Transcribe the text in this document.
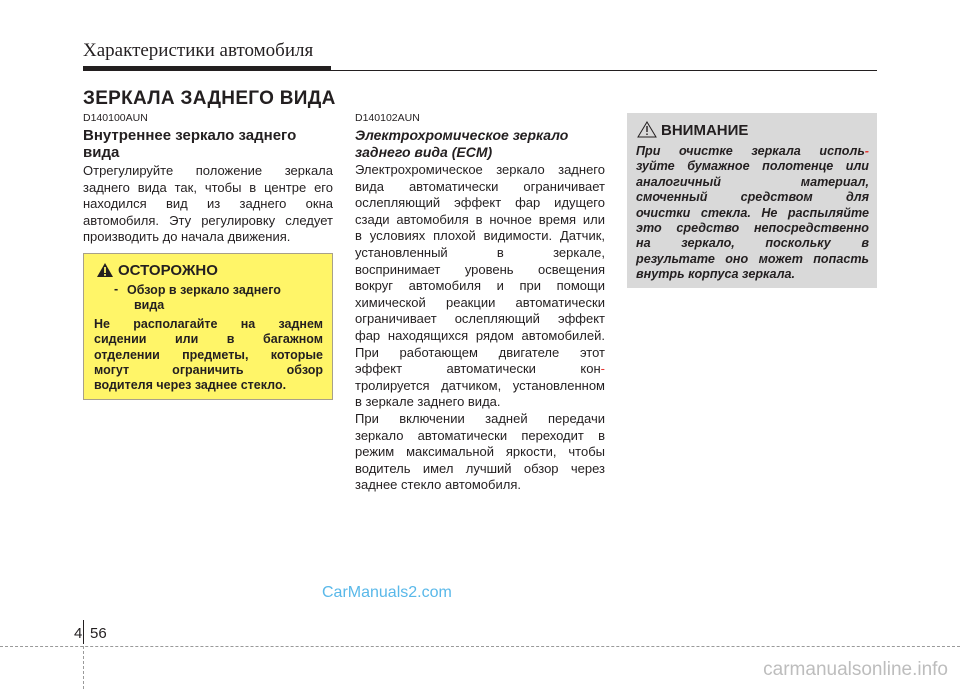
Характеристики автомобиля
ЗЕРКАЛА ЗАДНЕГО ВИДА
D140100AUN
Внутреннее зеркало заднего
вида
Отрегулируйте положение зеркала
заднего вида так, чтобы в центре его
находился вид из заднего окна
автомобиля. Эту регулировку следует
производить до начала движения.
ОСТОРОЖНО
- Обзор в зеркало заднего
вида
Не располагайте на заднем
сидении или в багажном
отделении предметы, которые
могут ограничить обзор
водителя через заднее стекло.
D140102AUN
Электрохромическое зеркало
заднего вида (ECM)
Электрохромическое зеркало заднего
вида автоматически ограничивает
ослепляющий эффект фар идущего
сзади автомобиля в ночное время или
в условиях плохой видимости. Датчик,
установленный в зеркале,
воспринимает уровень освещения
вокруг автомобиля и при помощи
химической реакции автоматически
ограничивает ослепляющий эффект
фар находящихся рядом автомобилей.
При работающем двигателе этот
эффект автоматически кон-
тролируется датчиком, установленном
в зеркале заднего вида.
При включении задней передачи
зеркало автоматически переходит в
режим максимальной яркости, чтобы
водитель имел лучший обзор через
заднее стекло автомобиля.
ВНИМАНИЕ
При очистке зеркала исполь-
зуйте бумажное полотенце или
аналогичный материал,
смоченный средством для
очистки стекла. Не распыляйте
это средство непосредственно
на зеркало, поскольку в
результате оно может попасть
внутрь корпуса зеркала.
CarManuals2.com
4 56
carmanualsonline.info
